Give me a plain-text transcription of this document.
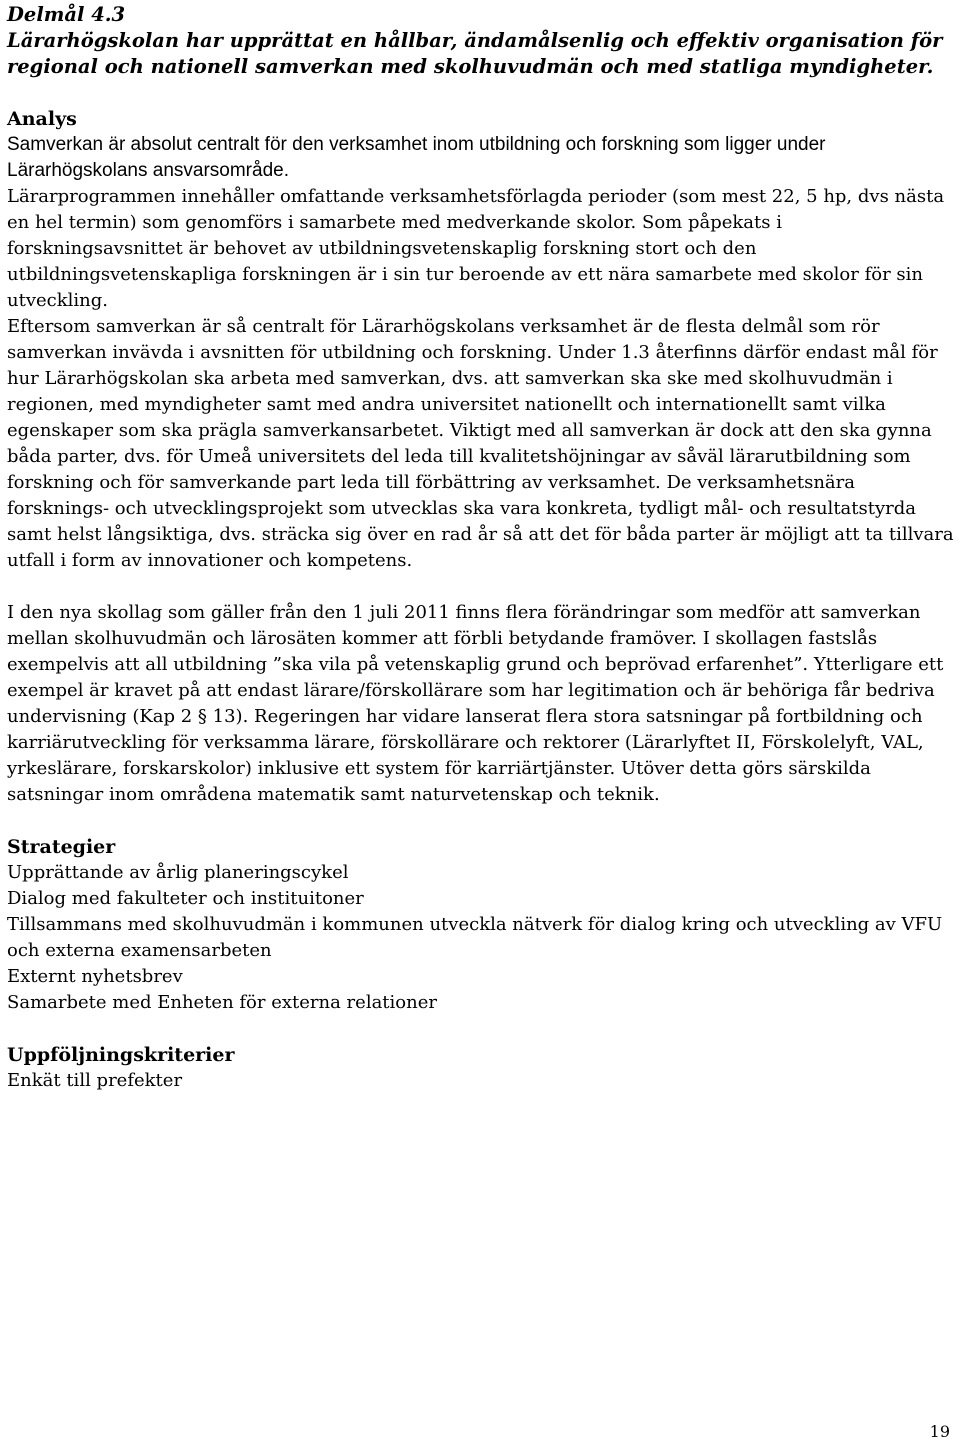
Delmål 4.3

Lärarhögskolan har upprättat en hållbar, ändamålsenlig och effektiv organisation för regional och nationell samverkan med skolhuvudmän och med statliga myndigheter.

Analys

Samverkan är absolut centralt för den verksamhet inom utbildning och forskning som ligger under Lärarhögskolans ansvarsområde.

Lärarprogrammen innehåller omfattande verksamhetsförlagda perioder (som mest 22, 5 hp, dvs nästa en hel termin) som genomförs i samarbete med medverkande skolor. Som påpekats i forskningsavsnittet är behovet av utbildningsvetenskaplig forskning stort och den utbildningsvetenskapliga forskningen är i sin tur beroende av ett nära samarbete med skolor för sin utveckling.

Eftersom samverkan är så centralt för Lärarhögskolans verksamhet är de flesta delmål som rör samverkan invävda i avsnitten för utbildning och forskning. Under 1.3 återfinns därför endast mål för hur Lärarhögskolan ska arbeta med samverkan, dvs. att samverkan ska ske med skolhuvudmän i regionen, med myndigheter samt med andra universitet nationellt och internationellt samt vilka egenskaper som ska prägla samverkansarbetet. Viktigt med all samverkan är dock att den ska gynna båda parter, dvs. för Umeå universitets del leda till kvalitetshöjningar av såväl lärarutbildning som forskning och för samverkande part leda till förbättring av verksamhet. De verksamhetsnära forsknings- och utvecklingsprojekt som utvecklas ska vara konkreta, tydligt mål- och resultatstyrda samt helst långsiktiga, dvs. sträcka sig över en rad år så att det för båda parter är möjligt att ta tillvara utfall i form av innovationer och kompetens.

I den nya skollag som gäller från den 1 juli 2011 finns flera förändringar som medför att samverkan mellan skolhuvudmän och lärosäten kommer att förbli betydande framöver. I skollagen fastslås exempelvis att all utbildning ”ska vila på vetenskaplig grund och beprövad erfarenhet”. Ytterligare ett exempel är kravet på att endast lärare/förskollärare som har legitimation och är behöriga får bedriva undervisning (Kap 2 § 13). Regeringen har vidare lanserat flera stora satsningar på fortbildning och karriärutveckling för verksamma lärare, förskollärare och rektorer (Lärarlyftet II, Förskolelyft, VAL, yrkeslärare, forskarskolor) inklusive ett system för karriärtjänster. Utöver detta görs särskilda satsningar inom områdena matematik samt naturvetenskap och teknik.

Strategier

Upprättande av årlig planeringscykel

Dialog med fakulteter och instituitoner

Tillsammans med skolhuvudmän i kommunen utveckla nätverk för dialog kring och utveckling av VFU och externa examensarbeten

Externt nyhetsbrev

Samarbete med Enheten för externa relationer

Uppföljningskriterier

Enkät till prefekter

19
